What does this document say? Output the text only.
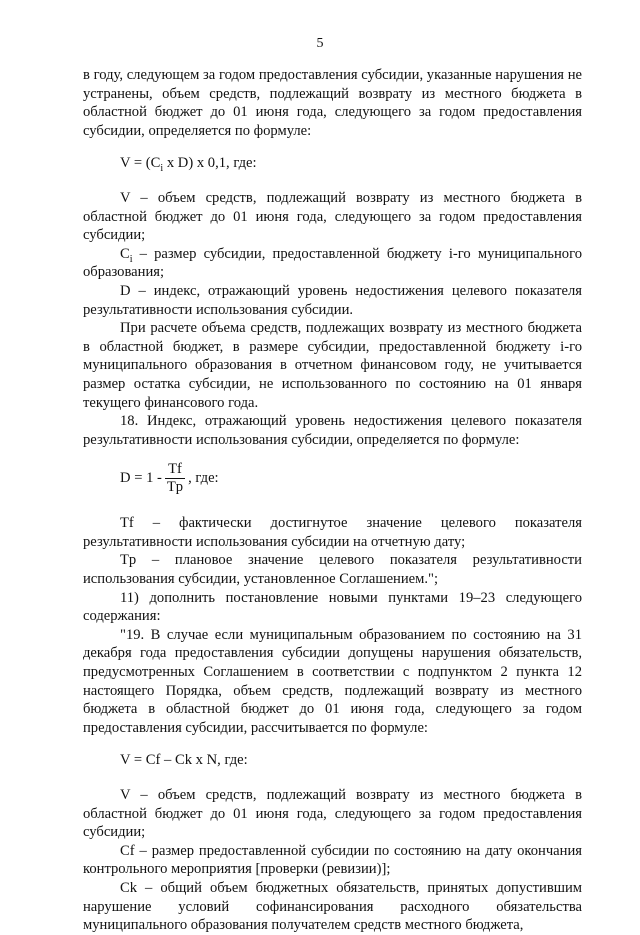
5

в году, следующем за годом предоставления субсидии, указанные нарушения не устранены, объем средств, подлежащий возврату из местного бюджета в областной бюджет до 01 июня года, следующего за годом предоставления субсидии, определяется по формуле:

$V = (C_i$ x D) x 0,1, где:

V – объем средств, подлежащий возврату из местного бюджета в областной бюджет до 01 июня года, следующего за годом предоставления субсидии;

$C_i$ – размер субсидии, предоставленной бюджету i-го муниципального образования;

D – индекс, отражающий уровень недостижения целевого показателя результативности использования субсидии.

При расчете объема средств, подлежащих возврату из местного бюджета в областной бюджет, в размере субсидии, предоставленной бюджету i-го муниципального образования в отчетном финансовом году, не учитывается размер остатка субсидии, не использованного по состоянию на 01 января текущего финансового года.

18. Индекс, отражающий уровень недостижения целевого показателя результативности использования субсидии, определяется по формуле:

$D = 1 - \frac{Tf}{Tp}$ , где:

Tf – фактически достигнутое значение целевого показателя результативности использования субсидии на отчетную дату;

Tp – плановое значение целевого показателя результативности использования субсидии, установленное Соглашением.";

11) дополнить постановление новыми пунктами 19–23 следующего содержания:

"19. В случае если муниципальным образованием по состоянию на 31 декабря года предоставления субсидии допущены нарушения обязательств, предусмотренных Соглашением в соответствии с подпунктом 2 пункта 12 настоящего Порядка, объем средств, подлежащий возврату из местного бюджета в областной бюджет до 01 июня года, следующего за годом предоставления субсидии, рассчитывается по формуле:

V = Cf – Ck x N, где:

V – объем средств, подлежащий возврату из местного бюджета в областной бюджет до 01 июня года, следующего за годом предоставления субсидии;

Cf – размер предоставленной субсидии по состоянию на дату окончания контрольного мероприятия [проверки (ревизии)];

Ck – общий объем бюджетных обязательств, принятых допустившим нарушение условий софинансирования расходного обязательства муниципального образования получателем средств местного бюджета,
